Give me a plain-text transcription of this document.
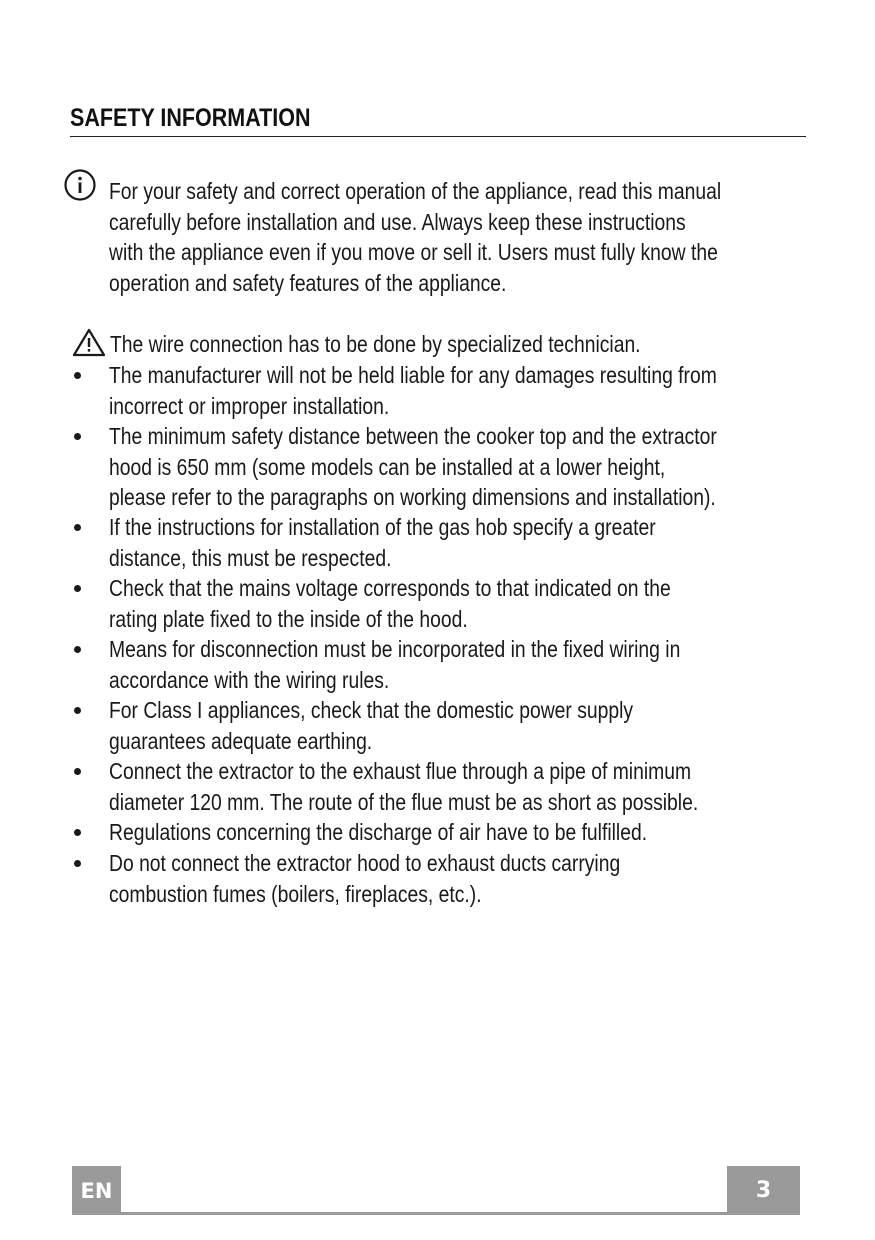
SAFETY INFORMATION
For your safety and correct operation of the appliance, read this manual
carefully before installation and use. Always keep these instructions
with the appliance even if you move or sell it. Users must fully know the
operation and safety features of the appliance.
The wire connection has to be done by specialized technician.
The manufacturer will not be held liable for any damages resulting from
incorrect or improper installation.
The minimum safety distance between the cooker top and the extractor
hood is 650 mm (some models can be installed at a lower height,
please refer to the paragraphs on working dimensions and installation).
If the instructions for installation of the gas hob specify a greater
distance, this must be respected.
Check that the mains voltage corresponds to that indicated on the
rating plate fixed to the inside of the hood.
Means for disconnection must be incorporated in the fixed wiring in
accordance with the wiring rules.
For Class I appliances, check that the domestic power supply
guarantees adequate earthing.
Connect the extractor to the exhaust flue through a pipe of minimum
diameter 120 mm. The route of the flue must be as short as possible.
Regulations concerning the discharge of air have to be fulfilled.
Do not connect the extractor hood to exhaust ducts carrying
combustion fumes (boilers, fireplaces, etc.).
EN	3
